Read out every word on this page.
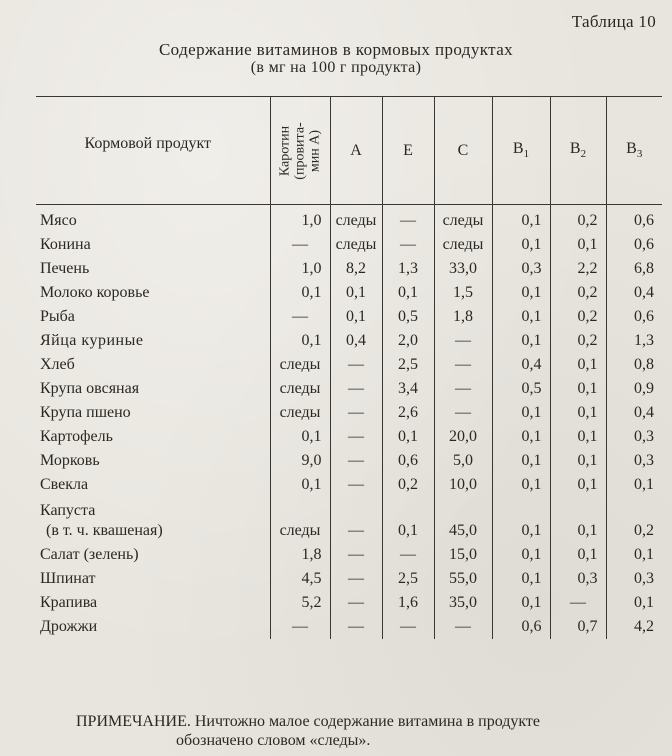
Таблица 10
Содержание витаминов в кормовых продуктах
(в мг на 100 г продукта)
Кормовой продукт	Каротин
(провита-
мин А)	А	Е	С	$B_1$	$B_2$	$B_3$
Мясо	1,0	следы	—	следы	0,1	0,2	0,6
Конина	—	следы	—	следы	0,1	0,1	0,6
Печень	1,0	8,2	1,3	33,0	0,3	2,2	6,8
Молоко коровье	0,1	0,1	0,1	1,5	0,1	0,2	0,4
Рыба	—	0,1	0,5	1,8	0,1	0,2	0,6
Яйца куриные	0,1	0,4	2,0	—	0,1	0,2	1,3
Хлеб	следы	—	2,5	—	0,4	0,1	0,8
Крупа овсяная	следы	—	3,4	—	0,5	0,1	0,9
Крупа пшено	следы	—	2,6	—	0,1	0,1	0,4
Картофель	0,1	—	0,1	20,0	0,1	0,1	0,3
Морковь	9,0	—	0,6	5,0	0,1	0,1	0,3
Свекла	0,1	—	0,2	10,0	0,1	0,1	0,1
Капуста
(в т. ч. квашеная)	следы	—	0,1	45,0	0,1	0,1	0,2
Салат (зелень)	1,8	—	—	15,0	0,1	0,1	0,1
Шпинат	4,5	—	2,5	55,0	0,1	0,3	0,3
Крапива	5,2	—	1,6	35,0	0,1	—	0,1
Дрожжи	—	—	—	—	0,6	0,7	4,2
ПРИМЕЧАНИЕ. Ничтожно малое содержание витамина в продукте
обозначено словом «следы».
